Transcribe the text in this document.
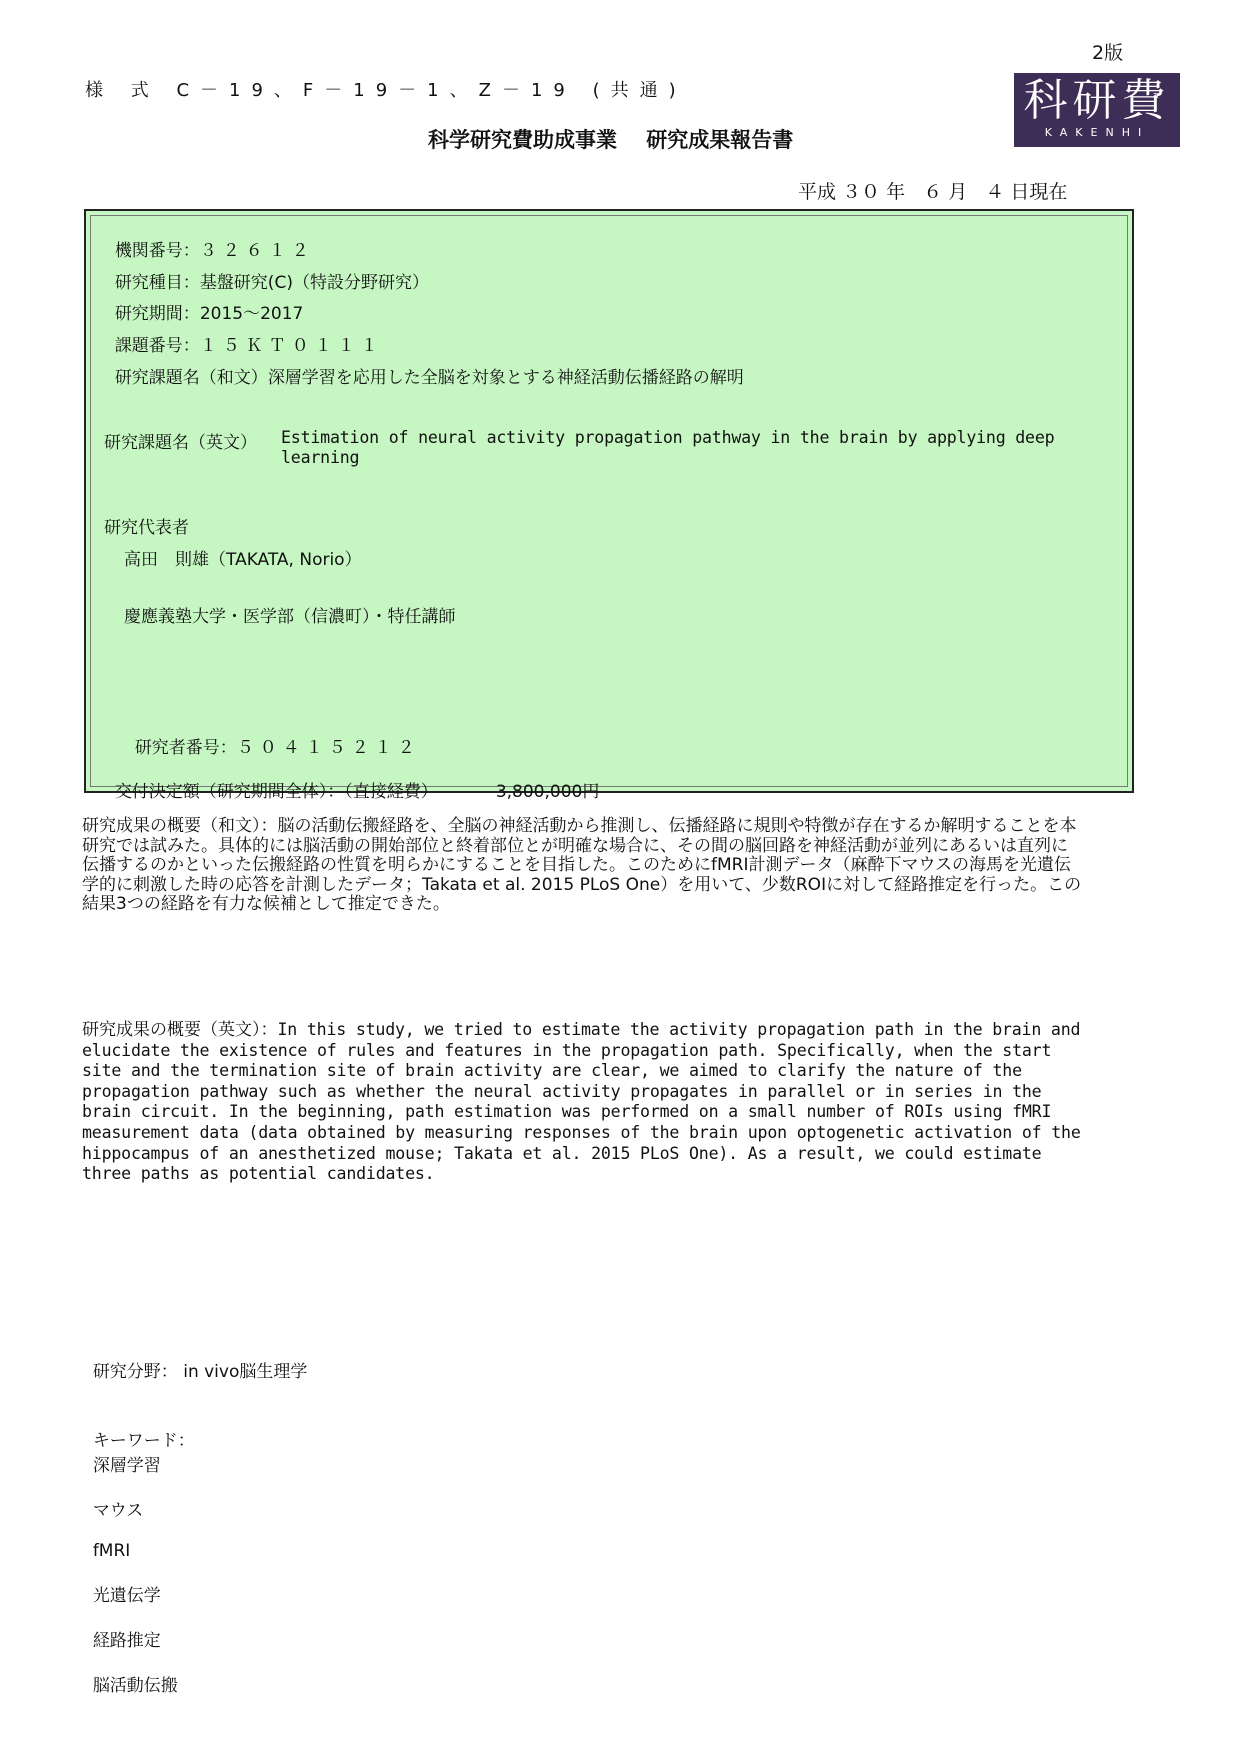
2版
様 式 C－19、F－19－1、Z－19 (共通)	科研費
KAKENHI
科学研究費助成事業    研究成果報告書
平成 ３０ 年   ６ 月   ４ 日現在

機関番号：３２６１２

研究種目：基盤研究(C)（特設分野研究）

研究期間：2015～2017

課題番号：１５ＫＴ０１１１

研究課題名（和文）深層学習を応用した全脳を対象とする神経活動伝播経路の解明

研究課題名（英文） Estimation of neural activity propagation pathway in the brain by applying deep learning
研究代表者
高田　則雄（TAKATA, Norio）
慶應義塾大学・医学部（信濃町）・特任講師

研究者番号：５０４１５２１２

交付決定額（研究期間全体）：（直接経費）	3,800,000円

研究成果の概要（和文）：脳の活動伝搬経路を、全脳の神経活動から推測し、伝播経路に規則や特徴が存在するか解明することを本研究では試みた。具体的には脳活動の開始部位と終着部位とが明確な場合に、その間の脳回路を神経活動が並列にあるいは直列に伝播するのかといった伝搬経路の性質を明らかにすることを目指した。このためにfMRI計測データ（麻酔下マウスの海馬を光遺伝学的に刺激した時の応答を計測したデータ；Takata et al. 2015 PLoS One）を用いて、少数ROIに対して経路推定を行った。この結果3つの経路を有力な候補として推定できた。
研究成果の概要（英文）：In this study, we tried to estimate the activity propagation path in the brain and elucidate the existence of rules and features in the propagation path. Specifically, when the start site and the termination site of brain activity are clear, we aimed to clarify the nature of the propagation pathway such as whether the neural activity propagates in parallel or in series in the brain circuit. In the beginning, path estimation was performed on a small number of ROIs using fMRI measurement data (data obtained by measuring responses of the brain upon optogenetic activation of the hippocampus of an anesthetized mouse; Takata et al. 2015 PLoS One). As a result, we could estimate three paths as potential candidates.

研究分野： in vivo脳生理学

キーワード：
深層学習

マウス

fMRI

光遺伝学

経路推定

脳活動伝搬
